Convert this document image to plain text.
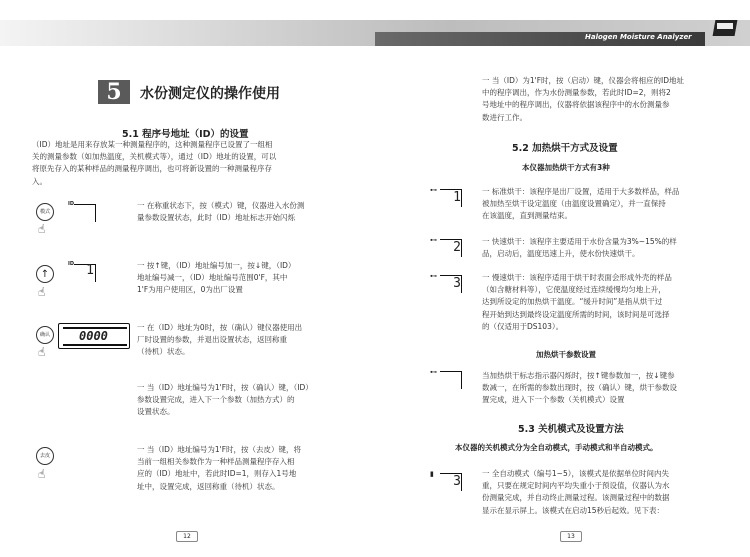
Halogen Moisture Analyzer
5	水份测定仪的操作使用
5.1 程序号地址（ID）的设置
（ID）地址是用来存放某一种测量程序的，这种测量程序已设置了一组相
关的测量参数（如加热温度，关机模式等），通过（ID）地址的设置，可以
将原先存入的某种样品的测量程序调出，也可将新设置的一种测量程序存
入。
模式
☝
ID	一 在称重状态下，按（模式）键，仪器进入水份测
量参数设置状态，此时（ID）地址标志开始闪烁
↑
☝
ID 1	一 按↑键，（ID）地址编号加一，按↓键，（ID）
地址编号减一，（ID）地址编号范围0'F，其中
1'F为用户使用区，0为出厂设置
确认
☝
0000
一 在（ID）地址为0时，按（确认）键仪器使用出
厂时设置的参数，并退出设置状态，返回称重
（待机）状态。
一 当（ID）地址编号为1'F时，按（确认）键，（ID）
参数设置完成，进入下一个参数（加热方式）的
设置状态。
去皮
☝
一 当（ID）地址编号为1'F时，按（去皮）键，将
当前一组相关参数作为一种样品测量程序存入相
应的（ID）地址中，若此时ID=1，则存入1号地
址中，设置完成，返回称重（待机）状态。
12
一 当（ID）为1'F时，按（启动）键，仪器会将相应的ID地址
中的程序调出，作为水份测量参数，若此时ID=2，则将2
号地址中的程序调出，仪器将依据该程序中的水份测量参
数进行工作。
5.2 加热烘干方式及设置
本仪器加热烘干方式有3种
⊷ 1	一 标准烘干：该程序是出厂设置，适用于大多数样品，样品
被加热至烘干设定温度（由温度设置确定），并一直保持
在该温度，直到测量结束。
⊷ 2	一 快速烘干：该程序主要适用于水份含量为3%~15%的样
品，启动后，温度迅速上升，使水份快速烘干。
⊷ 3	一 慢速烘干：该程序适用于烘干时表面会形成外壳的样品
（如含糖材料等），它使温度经过连续缓慢均匀地上升，
达到所设定的加热烘干温度。“缓升时间”是指从烘干过
程开始到达到最终设定温度所需的时间，该时间是可选择
的（仅适用于DS103）。
加热烘干参数设置
⊷	当加热烘干标志指示器闪烁时，按↑键参数加一，按↓键参
数减一，在所需的参数出现时，按（确认）键，烘干参数设
置完成，进入下一个参数（关机模式）设置
5.3 关机模式及设置方法
本仪器的关机模式分为全自动模式，手动模式和半自动模式。
▮ 3
一 全自动模式（编号1~5），该模式是依据单位时间内失
重，只要在规定时间内平均失重小于预设值，仪器认为水
份测量完成，并自动终止测量过程。该测量过程中的数据
显示在显示屏上。该模式在启动15秒后起效。见下表：
13
